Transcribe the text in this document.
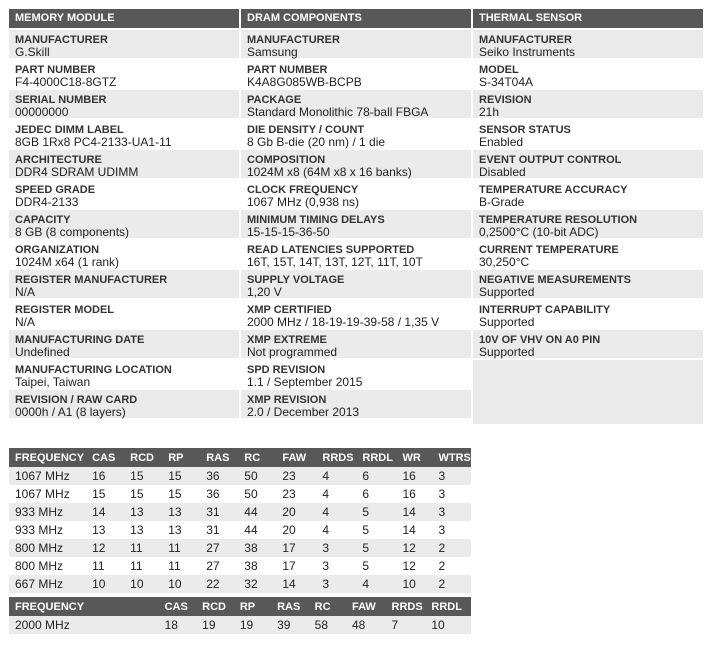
MEMORY MODULE
MANUFACTURER
G.Skill
PART NUMBER
F4-4000C18-8GTZ
SERIAL NUMBER
00000000
JEDEC DIMM LABEL
8GB 1Rx8 PC4-2133-UA1-11
ARCHITECTURE
DDR4 SDRAM UDIMM
SPEED GRADE
DDR4-2133
CAPACITY
8 GB (8 components)
ORGANIZATION
1024M x64 (1 rank)
REGISTER MANUFACTURER
N/A
REGISTER MODEL
N/A
MANUFACTURING DATE
Undefined
MANUFACTURING LOCATION
Taipei, Taiwan
REVISION / RAW CARD
0000h / A1 (8 layers)
DRAM COMPONENTS
MANUFACTURER
Samsung
PART NUMBER
K4A8G085WB-BCPB
PACKAGE
Standard Monolithic 78-ball FBGA
DIE DENSITY / COUNT
8 Gb B-die (20 nm) / 1 die
COMPOSITION
1024M x8 (64M x8 x 16 banks)
CLOCK FREQUENCY
1067 MHz (0,938 ns)
MINIMUM TIMING DELAYS
15-15-15-36-50
READ LATENCIES SUPPORTED
16T, 15T, 14T, 13T, 12T, 11T, 10T
SUPPLY VOLTAGE
1,20 V
XMP CERTIFIED
2000 MHz / 18-19-19-39-58 / 1,35 V
XMP EXTREME
Not programmed
SPD REVISION
1.1 / September 2015
XMP REVISION
2.0 / December 2013
THERMAL SENSOR
MANUFACTURER
Seiko Instruments
MODEL
S-34T04A
REVISION
21h
SENSOR STATUS
Enabled
EVENT OUTPUT CONTROL
Disabled
TEMPERATURE ACCURACY
B-Grade
TEMPERATURE RESOLUTION
0,2500°C (10-bit ADC)
CURRENT TEMPERATURE
30,250°C
NEGATIVE MEASUREMENTS
Supported
INTERRUPT CAPABILITY
Supported
10V OF VHV ON A0 PIN
Supported
FREQUENCY	CAS	RCD	RP	RAS	RC	FAW	RRDS	RRDL	WR	WTRS
1067 MHz	16	15	15	36	50	23	4	6	16	3
1067 MHz	15	15	15	36	50	23	4	6	16	3
933 MHz	14	13	13	31	44	20	4	5	14	3
933 MHz	13	13	13	31	44	20	4	5	14	3
800 MHz	12	11	11	27	38	17	3	5	12	2
800 MHz	11	11	11	27	38	17	3	5	12	2
667 MHz	10	10	10	22	32	14	3	4	10	2
FREQUENCY	CAS	RCD	RP	RAS	RC	FAW	RRDS	RRDL
2000 MHz	18	19	19	39	58	48	7	10
